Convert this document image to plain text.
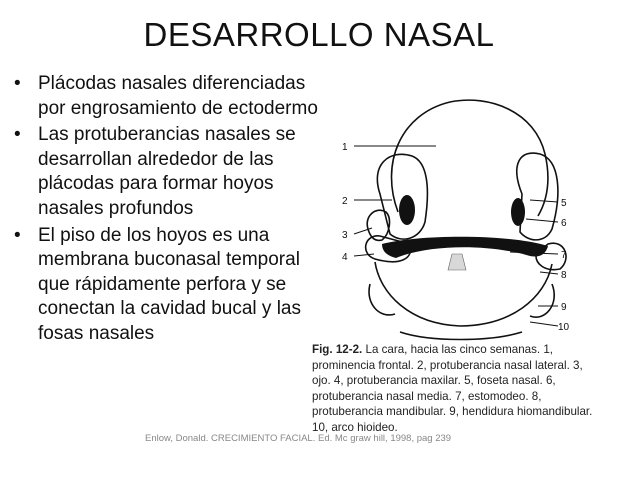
DESARROLLO NASAL
• Plácodas nasales diferenciadas por engrosamiento de ectodermo
• Las protuberancias nasales se desarrollan alrededor de las plácodas para formar hoyos nasales profundos
• El piso de los hoyos es una membrana buconasal temporal que rápidamente perfora y se conectan la cavidad bucal y las fosas nasales
1
2
3
4
5
6
7
8
9
10
Fig. 12-2. La cara, hacia las cinco semanas. 1, prominencia frontal. 2, protuberancia nasal lateral. 3, ojo. 4, protuberancia maxilar. 5, foseta nasal. 6, protuberancia nasal media. 7, estomodeo. 8, protuberancia mandibular. 9, hendidura hiomandibular. 10, arco hioideo.
Enlow, Donald. CRECIMIENTO FACIAL. Ed. Mc graw hill, 1998, pag 239
